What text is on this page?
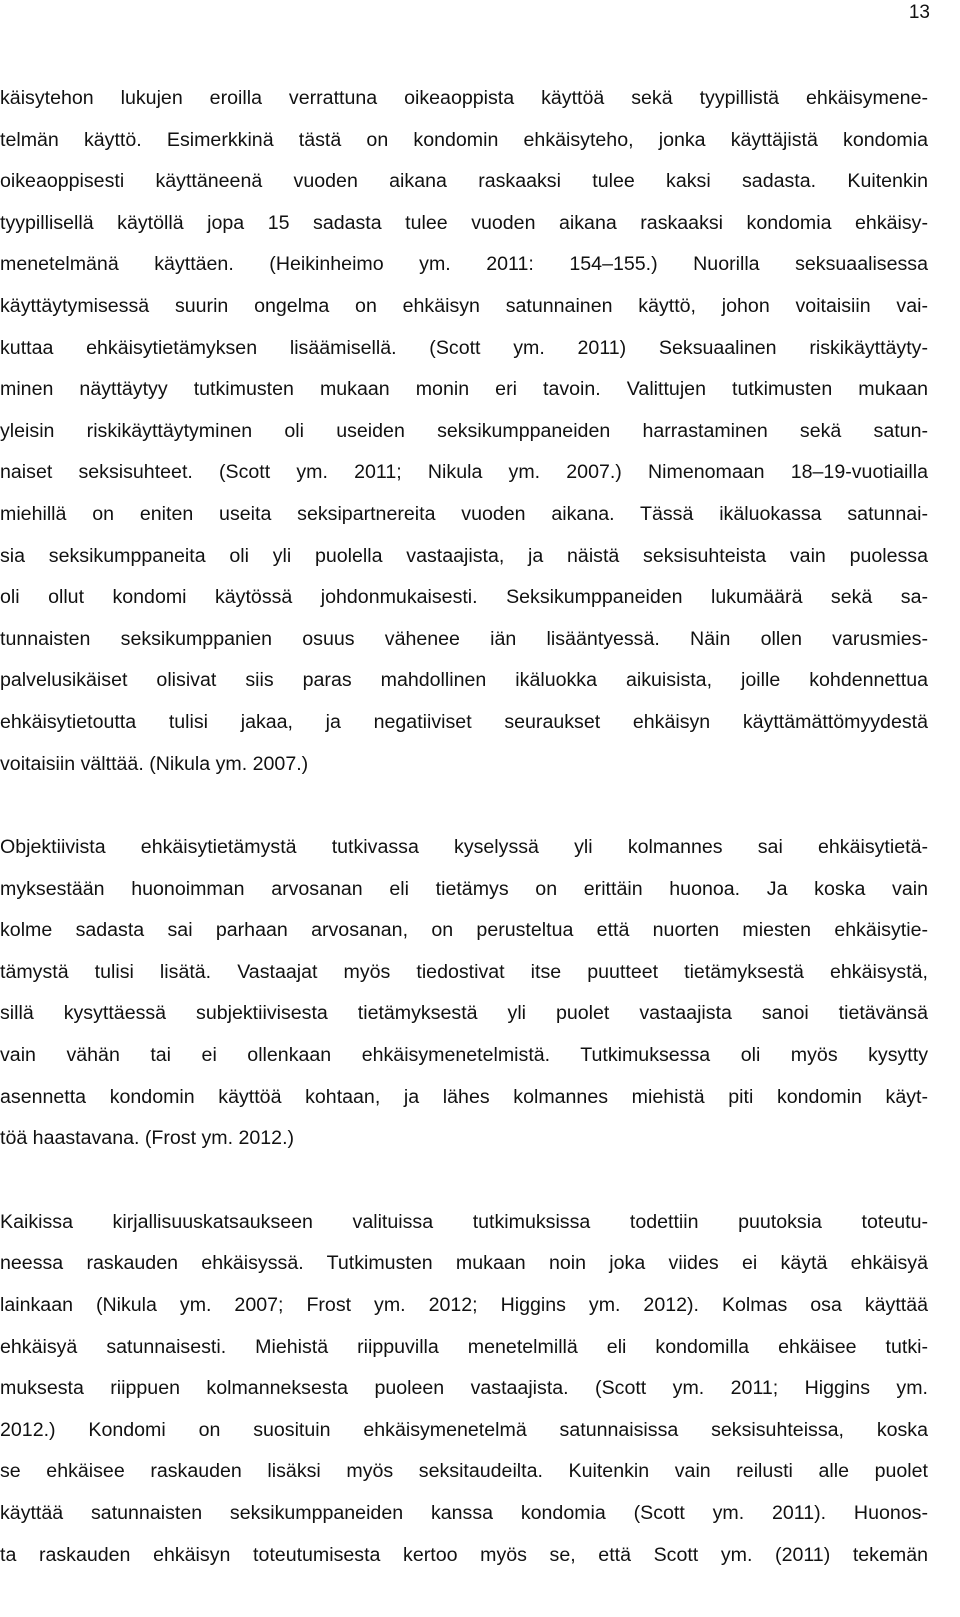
13
käisytehon lukujen eroilla verrattuna oikeaoppista käyttöä sekä tyypillistä ehkäisymene-
telmän käyttö. Esimerkkinä tästä on kondomin ehkäisyteho, jonka käyttäjistä kondomia
oikeaoppisesti käyttäneenä vuoden aikana raskaaksi tulee kaksi sadasta. Kuitenkin
tyypillisellä käytöllä jopa 15 sadasta tulee vuoden aikana raskaaksi kondomia ehkäisy-
menetelmänä käyttäen. (Heikinheimo ym. 2011: 154–155.) Nuorilla seksuaalisessa
käyttäytymisessä suurin ongelma on ehkäisyn satunnainen käyttö, johon voitaisiin vai-
kuttaa ehkäisytietämyksen lisäämisellä. (Scott ym. 2011) Seksuaalinen riskikäyttäyty-
minen näyttäytyy tutkimusten mukaan monin eri tavoin. Valittujen tutkimusten mukaan
yleisin riskikäyttäytyminen oli useiden seksikumppaneiden harrastaminen sekä satun-
naiset seksisuhteet. (Scott ym. 2011; Nikula ym. 2007.) Nimenomaan 18–19-vuotiailla
miehillä on eniten useita seksipartnereita vuoden aikana. Tässä ikäluokassa satunnai-
sia seksikumppaneita oli yli puolella vastaajista, ja näistä seksisuhteista vain puolessa
oli ollut kondomi käytössä johdonmukaisesti. Seksikumppaneiden lukumäärä sekä sa-
tunnaisten seksikumppanien osuus vähenee iän lisääntyessä. Näin ollen varusmies-
palvelusikäiset olisivat siis paras mahdollinen ikäluokka aikuisista, joille kohdennettua
ehkäisytietoutta tulisi jakaa, ja negatiiviset seuraukset ehkäisyn käyttämättömyydestä
voitaisiin välttää. (Nikula ym. 2007.)
Objektiivista ehkäisytietämystä tutkivassa kyselyssä yli kolmannes sai ehkäisytietä-
myksestään huonoimman arvosanan eli tietämys on erittäin huonoa. Ja koska vain
kolme sadasta sai parhaan arvosanan, on perusteltua että nuorten miesten ehkäisytie-
tämystä tulisi lisätä. Vastaajat myös tiedostivat itse puutteet tietämyksestä ehkäisystä,
sillä kysyttäessä subjektiivisesta tietämyksestä yli puolet vastaajista sanoi tietävänsä
vain vähän tai ei ollenkaan ehkäisymenetelmistä. Tutkimuksessa oli myös kysytty
asennetta kondomin käyttöä kohtaan, ja lähes kolmannes miehistä piti kondomin käyt-
töä haastavana. (Frost ym. 2012.)
Kaikissa kirjallisuuskatsaukseen valituissa tutkimuksissa todettiin puutoksia toteutu-
neessa raskauden ehkäisyssä. Tutkimusten mukaan noin joka viides ei käytä ehkäisyä
lainkaan (Nikula ym. 2007; Frost ym. 2012; Higgins ym. 2012). Kolmas osa käyttää
ehkäisyä satunnaisesti. Miehistä riippuvilla menetelmillä eli kondomilla ehkäisee tutki-
muksesta riippuen kolmanneksesta puoleen vastaajista. (Scott ym. 2011; Higgins ym.
2012.) Kondomi on suosituin ehkäisymenetelmä satunnaisissa seksisuhteissa, koska
se ehkäisee raskauden lisäksi myös seksitaudeilta. Kuitenkin vain reilusti alle puolet
käyttää satunnaisten seksikumppaneiden kanssa kondomia (Scott ym. 2011). Huonos-
ta raskauden ehkäisyn toteutumisesta kertoo myös se, että Scott ym. (2011) tekemän
